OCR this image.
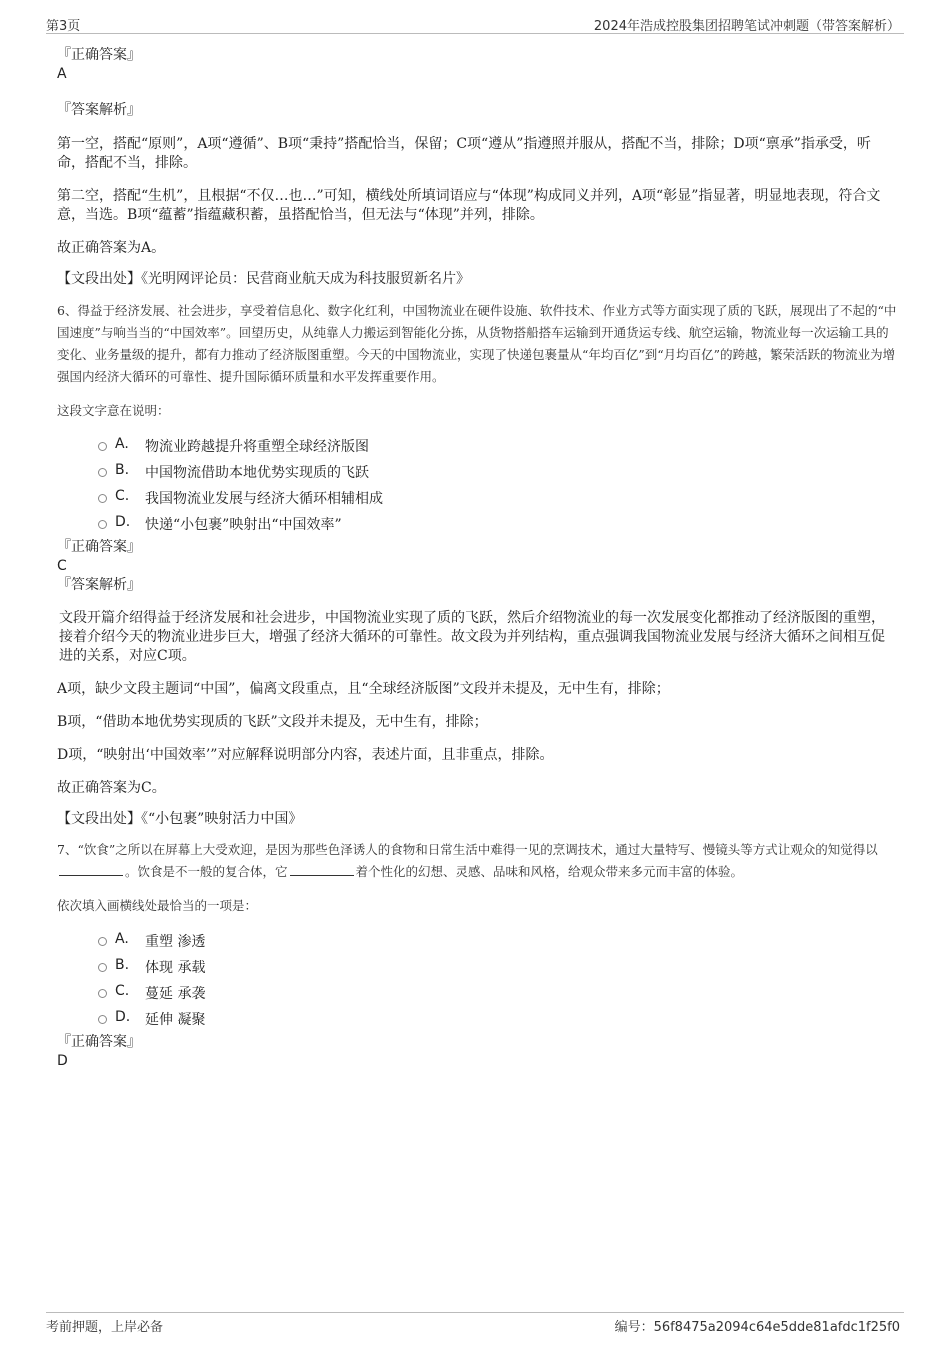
第3页	2024年浩成控股集团招聘笔试冲刺题（带答案解析）

『正确答案』

A

『答案解析』

第一空，搭配“原则”，A项“遵循”、B项“秉持”搭配恰当，保留；C项“遵从”指遵照并服从，搭配不当，排除；D项“禀承”指承受，听命，搭配不当，排除。

第二空，搭配“生机”，且根据“不仅…也…”可知，横线处所填词语应与“体现”构成同义并列，A项“彰显”指显著，明显地表现，符合文意，当选。B项“蕴蓄”指蕴藏积蓄，虽搭配恰当，但无法与“体现”并列，排除。

故正确答案为A。

【文段出处】《光明网评论员：民营商业航天成为科技服贸新名片》

6、得益于经济发展、社会进步，享受着信息化、数字化红利，中国物流业在硬件设施、软件技术、作业方式等方面实现了质的飞跃，展现出了不起的“中国速度”与响当当的“中国效率”。回望历史，从纯靠人力搬运到智能化分拣，从货物搭船搭车运输到开通货运专线、航空运输，物流业每一次运输工具的变化、业务量级的提升，都有力推动了经济版图重塑。今天的中国物流业，实现了快递包裹量从“年均百亿”到“月均百亿”的跨越，繁荣活跃的物流业为增强国内经济大循环的可靠性、提升国际循环质量和水平发挥重要作用。

这段文字意在说明：

A. 物流业跨越提升将重塑全球经济版图
B. 中国物流借助本地优势实现质的飞跃
C. 我国物流业发展与经济大循环相辅相成
D. 快递“小包裹”映射出“中国效率”

『正确答案』

C

『答案解析』

文段开篇介绍得益于经济发展和社会进步，中国物流业实现了质的飞跃，然后介绍物流业的每一次发展变化都推动了经济版图的重塑，接着介绍今天的物流业进步巨大，增强了经济大循环的可靠性。故文段为并列结构，重点强调我国物流业发展与经济大循环之间相互促进的关系，对应C项。

A项，缺少文段主题词“中国”，偏离文段重点，且“全球经济版图”文段并未提及，无中生有，排除；

B项，“借助本地优势实现质的飞跃”文段并未提及，无中生有，排除；

D项，“映射出‘中国效率’”对应解释说明部分内容，表述片面，且非重点，排除。

故正确答案为C。

【文段出处】《“小包裹”映射活力中国》

7、“饮食”之所以在屏幕上大受欢迎，是因为那些色泽诱人的食物和日常生活中难得一见的烹调技术，通过大量特写、慢镜头等方式让观众的知觉得以。饮食是不一般的复合体，它	着个性化的幻想、灵感、品味和风格，给观众带来多元而丰富的体验。

依次填入画横线处最恰当的一项是：

A. 重塑 渗透
B. 体现 承载
C. 蔓延 承袭
D. 延伸 凝聚

『正确答案』

D

考前押题，上岸必备	编号：56f8475a2094c64e5dde81afdc1f25f0
